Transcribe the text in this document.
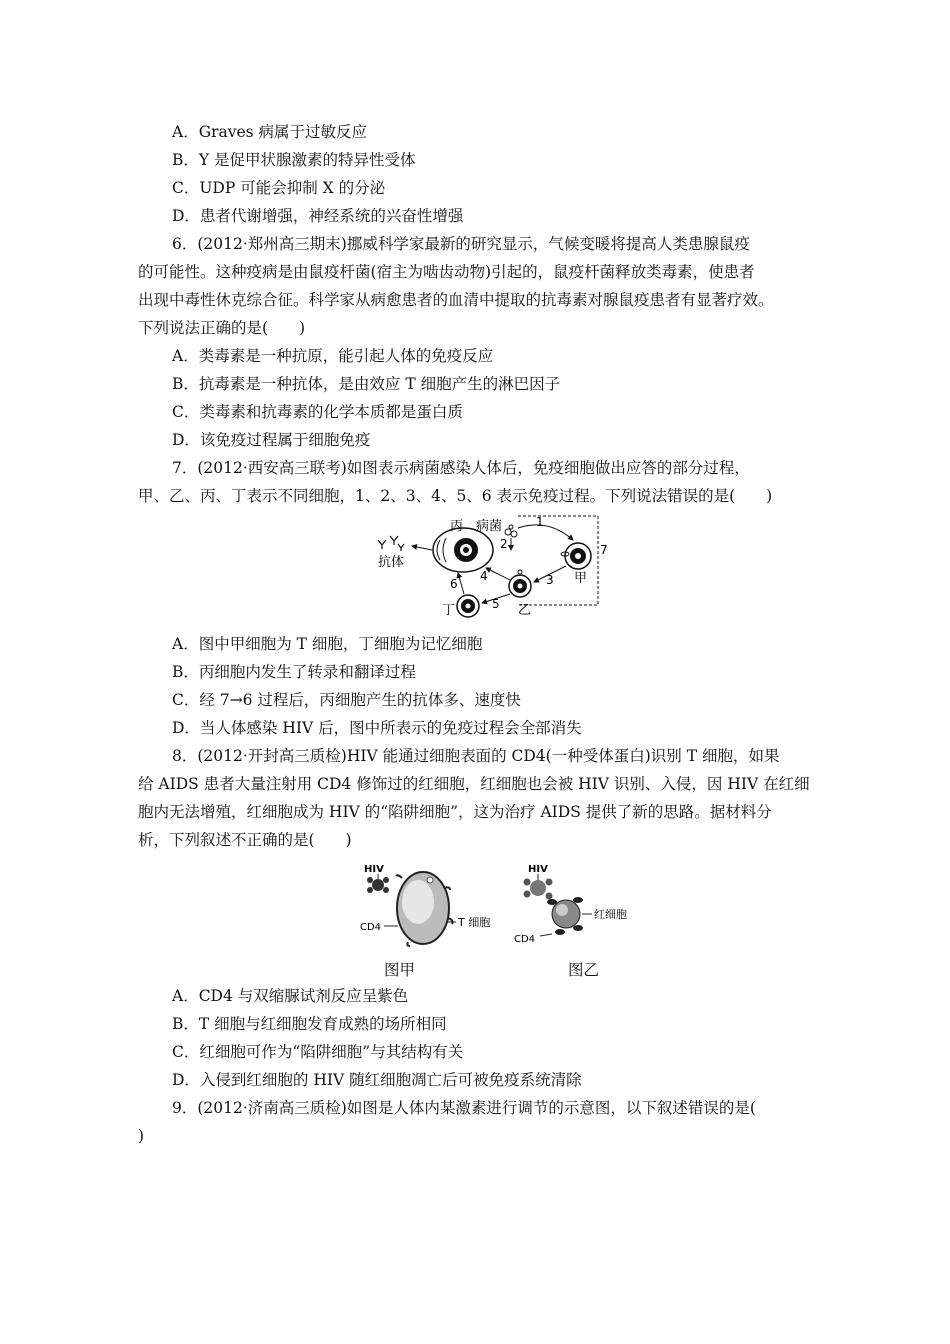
A．Graves 病属于过敏反应
B．Y 是促甲状腺激素的特异性受体
C．UDP 可能会抑制 X 的分泌
D．患者代谢增强，神经系统的兴奋性增强
6．(2012·郑州高三期末)挪威科学家最新的研究显示，气候变暖将提高人类患腺鼠疫
的可能性。这种疫病是由鼠疫杆菌(宿主为啮齿动物)引起的，鼠疫杆菌释放类毒素，使患者
出现中毒性休克综合征。科学家从病愈患者的血清中提取的抗毒素对腺鼠疫患者有显著疗效。
下列说法正确的是(　　)
A．类毒素是一种抗原，能引起人体的免疫反应
B．抗毒素是一种抗体，是由效应 T 细胞产生的淋巴因子
C．类毒素和抗毒素的化学本质都是蛋白质
D．该免疫过程属于细胞免疫
7．(2012·西安高三联考)如图表示病菌感染人体后，免疫细胞做出应答的部分过程，
甲、乙、丙、丁表示不同细胞，1、2、3、4、5、6 表示免疫过程。下列说法错误的是(　　)
丙 病菌
抗体
1
2
3
4
5
6
7
甲
乙
丁
A．图中甲细胞为 T 细胞，丁细胞为记忆细胞
B．丙细胞内发生了转录和翻译过程
C．经 7→6 过程后，丙细胞产生的抗体多、速度快
D．当人体感染 HIV 后，图中所表示的免疫过程会全部消失
8．(2012·开封高三质检)HIV 能通过细胞表面的 CD4(一种受体蛋白)识别 T 细胞，如果
给 AIDS 患者大量注射用 CD4 修饰过的红细胞，红细胞也会被 HIV 识别、入侵，因 HIV 在红细
胞内无法增殖，红细胞成为 HIV 的“陷阱细胞”，这为治疗 AIDS 提供了新的思路。据材料分
析，下列叙述不正确的是(　　)
HIV
CD4	T 细胞
图甲
HIV
红细胞
CD4
图乙
A．CD4 与双缩脲试剂反应呈紫色
B．T 细胞与红细胞发育成熟的场所相同
C．红细胞可作为“陷阱细胞”与其结构有关
D．入侵到红细胞的 HIV 随红细胞凋亡后可被免疫系统清除
9．(2012·济南高三质检)如图是人体内某激素进行调节的示意图，以下叙述错误的是(
)
